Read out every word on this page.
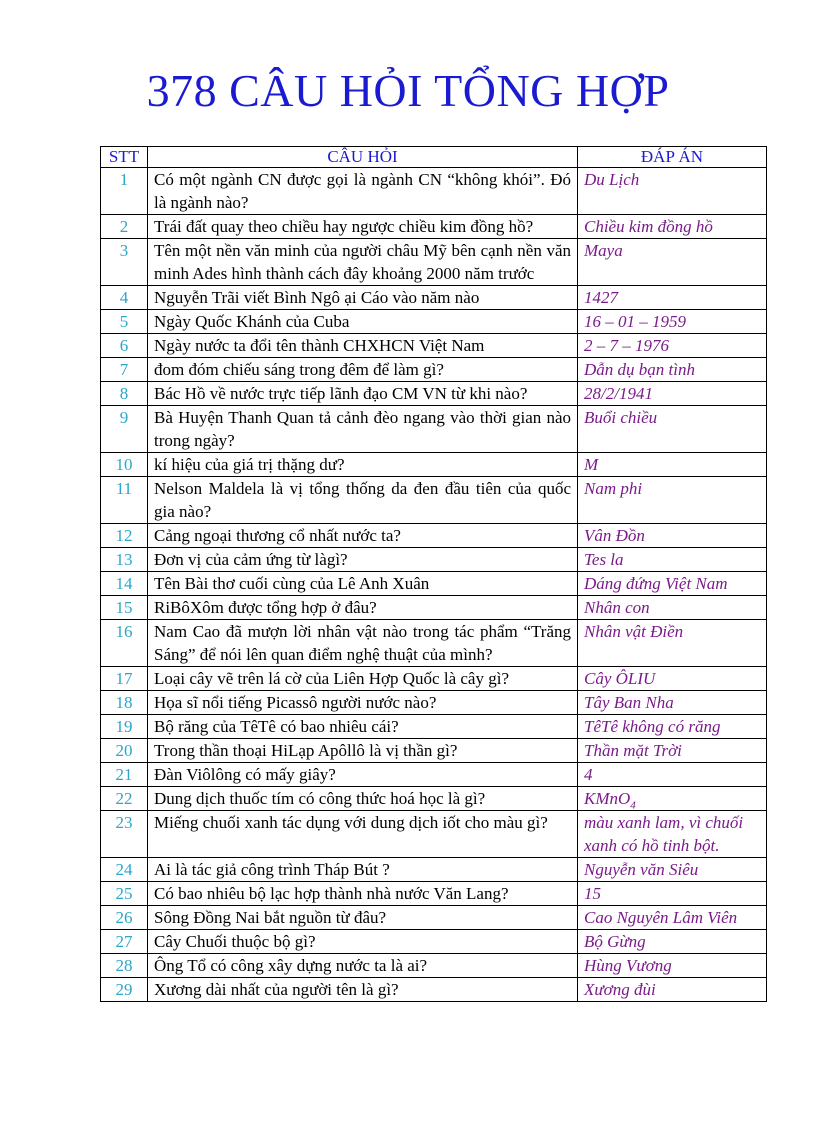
378 CÂU HỎI TỔNG HỢP
STT	CÂU HỎI	ĐÁP ÁN
1	Có một ngành CN được gọi là ngành CN “không khói”. Đó là ngành nào?	Du Lịch
2	Trái đất quay theo chiều hay ngược chiều kim đồng hồ?	Chiều kim đồng hồ
3	Tên một nền văn minh của người châu Mỹ bên cạnh nền văn minh Ades hình thành cách đây khoảng 2000 năm trước	Maya
4	Nguyễn Trãi viết Bình Ngô ại Cáo vào năm nào	1427
5	Ngày Quốc Khánh của Cuba	16 – 01 – 1959
6	Ngày nước ta đổi tên thành CHXHCN Việt Nam	2 – 7 – 1976
7	đom đóm chiếu sáng trong đêm để làm gì?	Dẫn dụ bạn tình
8	Bác Hồ về nước trực tiếp lãnh đạo CM VN từ khi nào?	28/2/1941
9	Bà Huyện Thanh Quan tả cảnh đèo ngang vào thời gian nào trong ngày?	Buổi chiều
10	kí hiệu của giá trị thặng dư?	M
11	Nelson Maldela là vị tổng thống da đen đầu tiên của quốc gia nào?	Nam phi
12	Cảng ngoại thương cổ nhất nước ta?	Vân Đồn
13	Đơn vị của cảm ứng từ làgì?	Tes la
14	Tên Bài thơ cuối cùng của Lê Anh Xuân	Dáng đứng Việt Nam
15	RiBôXôm được tổng hợp ở đâu?	Nhân con
16	Nam Cao đã mượn lời nhân vật nào trong tác phẩm “Trăng Sáng” để nói lên quan điểm nghệ thuật của mình?	Nhân vật Điền
17	Loại cây vẽ trên lá cờ của Liên Hợp Quốc là cây gì?	Cây ÔLIU
18	Họa sĩ nổi tiếng Picassô người nước nào?	Tây Ban Nha
19	Bộ răng của TêTê có bao nhiêu cái?	TêTê không có răng
20	Trong thần thoại HiLạp Apôllô là vị thần gì?	Thần mặt Trời
21	Đàn Viôlông có mấy giây?	4
22	Dung dịch thuốc tím có công thức hoá học là gì?	KMnO$_4$
23	Miếng chuối xanh tác dụng với dung dịch iốt cho màu gì?	màu xanh lam, vì chuối xanh có hồ tinh bột.
24	Ai là tác giả công trình Tháp Bút ?	Nguyễn văn Siêu
25	Có bao nhiêu bộ lạc hợp thành nhà nước Văn Lang?	15
26	Sông Đồng Nai bắt nguồn từ đâu?	Cao Nguyên Lâm Viên
27	Cây Chuối thuộc bộ gì?	Bộ Gừng
28	Ông Tổ có công xây dựng nước ta là ai?	Hùng Vương
29	Xương dài nhất của người tên là gì?	Xương đùi
